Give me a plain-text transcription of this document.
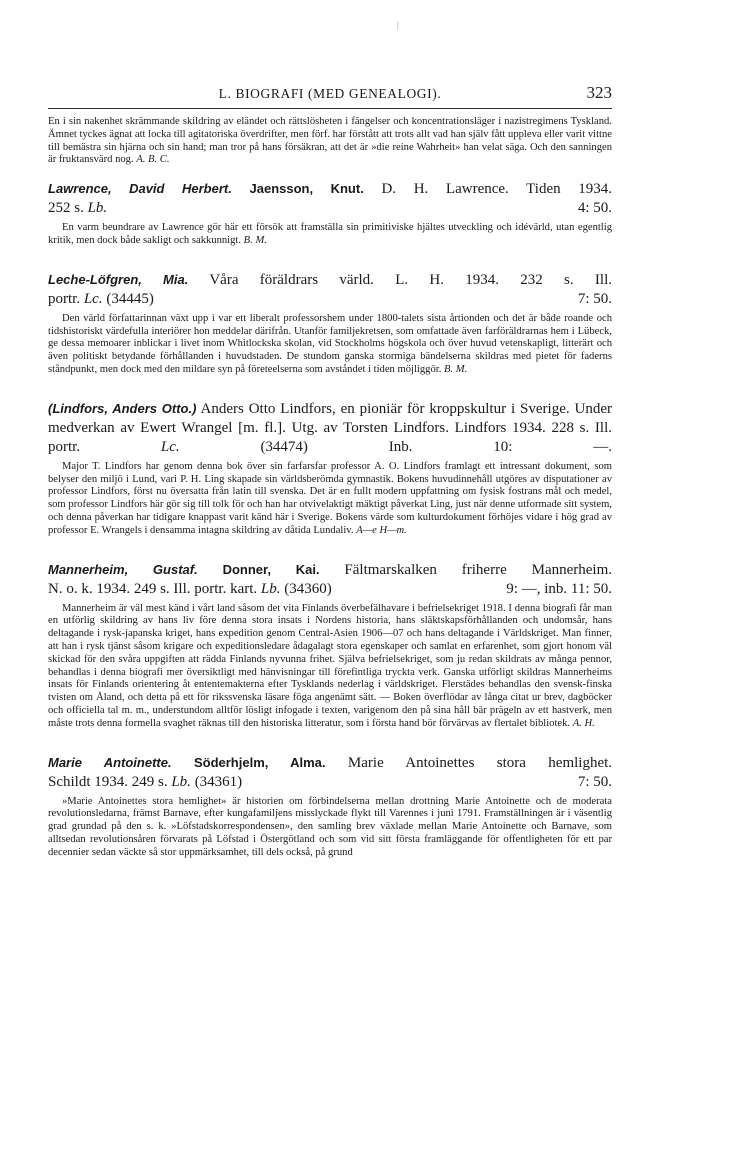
|
L. BIOGRAFI (MED GENEALOGI).	323

En i sin nakenhet skrämmande skildring av eländet och rättslösheten i fängelser och koncentrationsläger i nazistregimens Tyskland. Ämnet tyckes ägnat att locka till agitatoriska överdrifter, men förf. har förstått att trots allt vad han själv fått uppleva eller varit vittne till bemästra sin hjärna och sin hand; man tror på hans försäkran, att det är »die reine Wahrheit» han velat säga. Och den sanningen är fruktansvärd nog. A. B. C.

Lawrence, David Herbert. Jaensson, Knut. D. H. Lawrence. Tiden 1934.
252 s. Lb.	4: 50.

En varm beundrare av Lawrence gör här ett försök att framställa sin primitiviske hjältes utveckling och idévärld, utan egentlig kritik, men dock både sakligt och sakkunnigt. B. M.

Leche-Löfgren, Mia. Våra föräldrars värld. L. H. 1934. 232 s. Ill.
portr. Lc. (34445)	7: 50.

Den värld författarinnan växt upp i var ett liberalt professorshem under 1800-talets sista årtionden och det är både roande och tidshistoriskt värdefulla interiörer hon meddelar därifrån. Utanför familjekretsen, som omfattade även farföräldrarnas hem i Lübeck, ge dessa memoarer inblickar i livet inom Whitlockska skolan, vid Stockholms högskola och över huvud vetenskapligt, litterärt och även politiskt betydande förhållanden i huvudstaden. De stundom ganska stormiga bändelserna skildras med pietet för faderns ståndpunkt, men dock med den mildare syn på företeelserna som avståndet i tiden möjliggör. B. M.

(Lindfors, Anders Otto.) Anders Otto Lindfors, en pioniär för kroppskultur i Sverige. Under medverkan av Ewert Wrangel [m. fl.]. Utg. av Torsten Lindfors. Lindfors 1934. 228 s. Ill. portr.	Lc.	(34474)	Inb. 10: —.

Major T. Lindfors har genom denna bok över sin farfarsfar professor A. O. Lindfors framlagt ett intressant dokument, som belyser den miljö i Lund, vari P. H. Ling skapade sin världsberömda gymnastik. Bokens huvudinnehåll utgöres av disputationer av professor Lindfors, först nu översatta från latin till svenska. Det är en fullt modern uppfattning om fysisk fostrans mål och medel, som professor Lindfors här gör sig till tolk för och han har otvivelaktigt mäktigt påverkat Ling, just när denne utformade sitt system, och denna påverkan har tidigare knappast varit känd här i Sverige. Bokens värde som kulturdokument förhöjes vidare i hög grad av professor E. Wrangels i densamma intagna skildring av dåtida Lundaliv. A—e H—m.

Mannerheim, Gustaf. Donner, Kai. Fältmarskalken friherre Mannerheim.
N. o. k. 1934. 249 s. Ill. portr. kart. Lb. (34360)	9: —, inb. 11: 50.

Mannerheim är väl mest känd i vårt land såsom det vita Finlands överbefälhavare i befrielsekriget 1918. I denna biografi får man en utförlig skildring av hans liv före denna stora insats i Nordens historia, hans släktskapsförhållanden och undomsår, hans deltagande i rysk-japanska kriget, hans expedition genom Central-Asien 1906—07 och hans deltagande i Världskriget. Man finner, att han i rysk tjänst såsom krigare och expeditionsledare ådagalagt stora egenskaper och samlat en erfarenhet, som gjort honom väl skickad för den svåra uppgiften att rädda Finlands nyvunna frihet. Själva befrielsekriget, som ju redan skildrats av många pennor, behandlas i denna biografi mer översiktligt med hänvisningar till förefintliga tryckta verk. Ganska utförligt skildras Mannerheims insats för Finlands orientering åt ententemakterna efter Tysklands nederlag i världskriget. Flerstädes behandlas den svensk-finska tvisten om Åland, och detta på ett för rikssvenska läsare föga angenämt sätt. — Boken överflödar av långa citat ur brev, dagböcker och officiella tal m. m., understundom alltför lösligt infogade i texten, varigenom den på sina håll bär prägeln av ett hastverk, men måste trots denna formella svaghet räknas till den historiska litteratur, som i första hand bör förvärvas av flertalet bibliotek. A. H.

Marie Antoinette. Söderhjelm, Alma. Marie Antoinettes stora hemlighet.
Schildt 1934. 249 s. Lb. (34361)	7: 50.

»Marie Antoinettes stora hemlighet» är historien om förbindelserna mellan drottning Marie Antoinette och de moderata revolutionsledarna, främst Barnave, efter kungafamiljens misslyckade flykt till Varennes i juni 1791. Framställningen är i väsentlig grad grundad på den s. k. »Löfstadskorrespondensen», den samling brev växlade mellan Marie Antoinette och Barnave, som alltsedan revolutionsåren förvarats på Löfstad i Östergötland och som vid sitt första framläggande för offentligheten för ett par decennier sedan väckte så stor uppmärksamhet, till dels också, på grund
